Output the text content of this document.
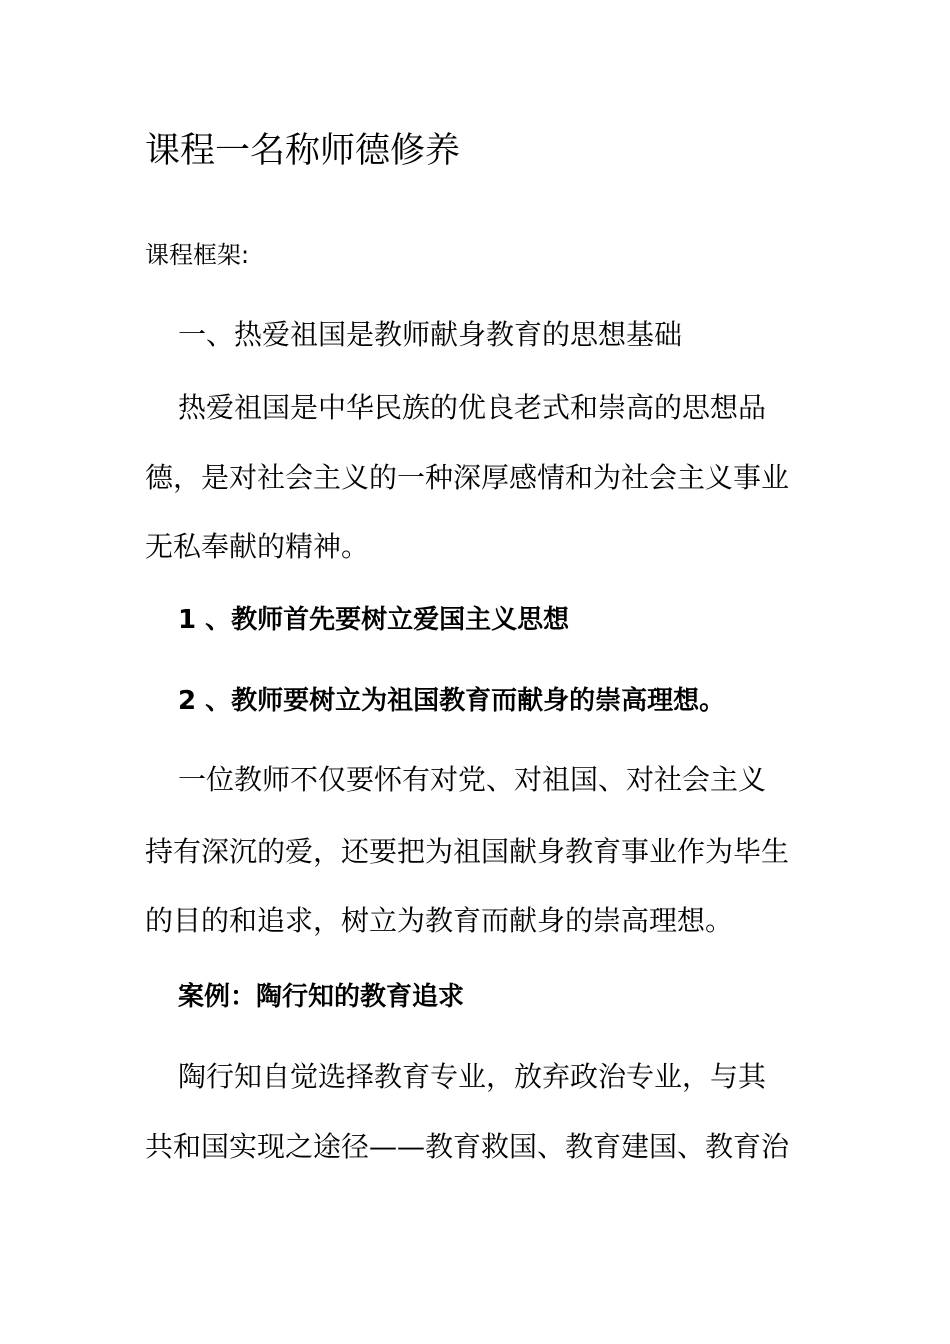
课程一名称师德修养
课程框架:
一、热爱祖国是教师献身教育的思想基础
热爱祖国是中华民族的优良老式和崇高的思想品
德，是对社会主义的一种深厚感情和为社会主义事业
无私奉献的精神。
1 、教师首先要树立爱国主义思想
2 、教师要树立为祖国教育而献身的崇高理想。
一位教师不仅要怀有对党、对祖国、对社会主义
持有深沉的爱，还要把为祖国献身教育事业作为毕生
的目的和追求，树立为教育而献身的崇高理想。
案例：陶行知的教育追求
陶行知自觉选择教育专业，放弃政治专业，与其
共和国实现之途径——教育救国、教育建国、教育治
